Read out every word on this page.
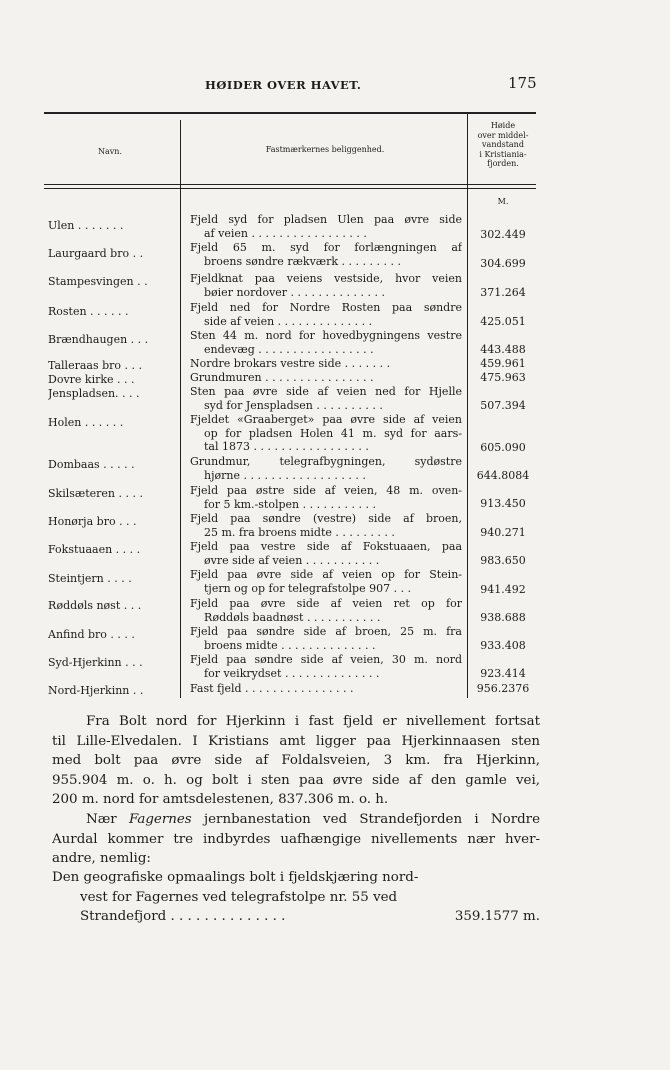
HØIDER OVER HAVET.	175
Navn.	Fastmærkernes beliggenhed.
Høide
over middel-
vandstand
i Kristiania-
fjorden.
M.
Ulen . . . . . . .	Fjeld syd for pladsen Ulen paa øvre side
af veien . . . . . . . . . . . . . . . . .	302.449
Laurgaard bro . .	Fjeld 65 m. syd for forlængningen af
broens søndre rækværk . . . . . . . . .	304.699
Stampesvingen . .	Fjeldknat paa veiens vestside, hvor veien
bøier nordover . . . . . . . . . . . . . .	371.264
Rosten . . . . . .	Fjeld ned for Nordre Rosten paa søndre
side af veien . . . . . . . . . . . . . .	425.051
Brændhaugen . . .	Sten 44 m. nord for hovedbygningens vestre
endevæg . . . . . . . . . . . . . . . . .	443.488
Talleraas bro . . .	Nordre brokars vestre side . . . . . . .	459.961
Dovre kirke . . .	Grundmuren . . . . . . . . . . . . . . . .	475.963
Jenspladsen. . . .	Sten paa øvre side af veien ned for Hjelle
syd for Jenspladsen . . . . . . . . . .	507.394
Holen . . . . . .	Fjeldet «Graaberget» paa øvre side af veien
op for pladsen Holen 41 m. syd for aars-
tal 1873 . . . . . . . . . . . . . . . . .	605.090
Dombaas . . . . .	Grundmur, telegrafbygningen, sydøstre
hjørne . . . . . . . . . . . . . . . . . .	644.8084
Skilsæteren . . . .	Fjeld paa østre side af veien, 48 m. oven-
for 5 km.-stolpen . . . . . . . . . . .	913.450
Honørja bro . . .	Fjeld paa søndre (vestre) side af broen,
25 m. fra broens midte . . . . . . . . .	940.271
Fokstuaaen . . . .	Fjeld paa vestre side af Fokstuaaen, paa
øvre side af veien . . . . . . . . . . .	983.650
Steintjern . . . .	Fjeld paa øvre side af veien op for Stein-
tjern og op for telegrafstolpe 907 . . .	941.492
Røddøls nøst . . .	Fjeld paa øvre side af veien ret op for
Røddøls baadnøst . . . . . . . . . . .	938.688
Anfind bro . . . .	Fjeld paa søndre side af broen, 25 m. fra
broens midte . . . . . . . . . . . . . .	933.408
Syd-Hjerkinn . . .	Fjeld paa søndre side af veien, 30 m. nord
for veikrydset . . . . . . . . . . . . . .	923.414
Nord-Hjerkinn . .	Fast fjeld . . . . . . . . . . . . . . . .	956.2376
Fra Bolt nord for Hjerkinn i fast fjeld er nivellement fortsat
til Lille-Elvedalen. I Kristians amt ligger paa Hjerkinnaasen sten
med bolt paa øvre side af Foldalsveien, 3 km. fra Hjerkinn,
955.904 m. o. h. og bolt i sten paa øvre side af den gamle vei,
200 m. nord for amtsdelestenen, 837.306 m. o. h.
Nær Fagernes jernbanestation ved Strandefjorden i Nordre
Aurdal kommer tre indbyrdes uafhængige nivellements nær hver-
andre, nemlig:
Den geografiske opmaalings bolt i fjeldskjæring nord-
vest for Fagernes ved telegrafstolpe nr. 55 ved
Strandefjord . . . . . . . . . . . . . .	359.1577 m.
